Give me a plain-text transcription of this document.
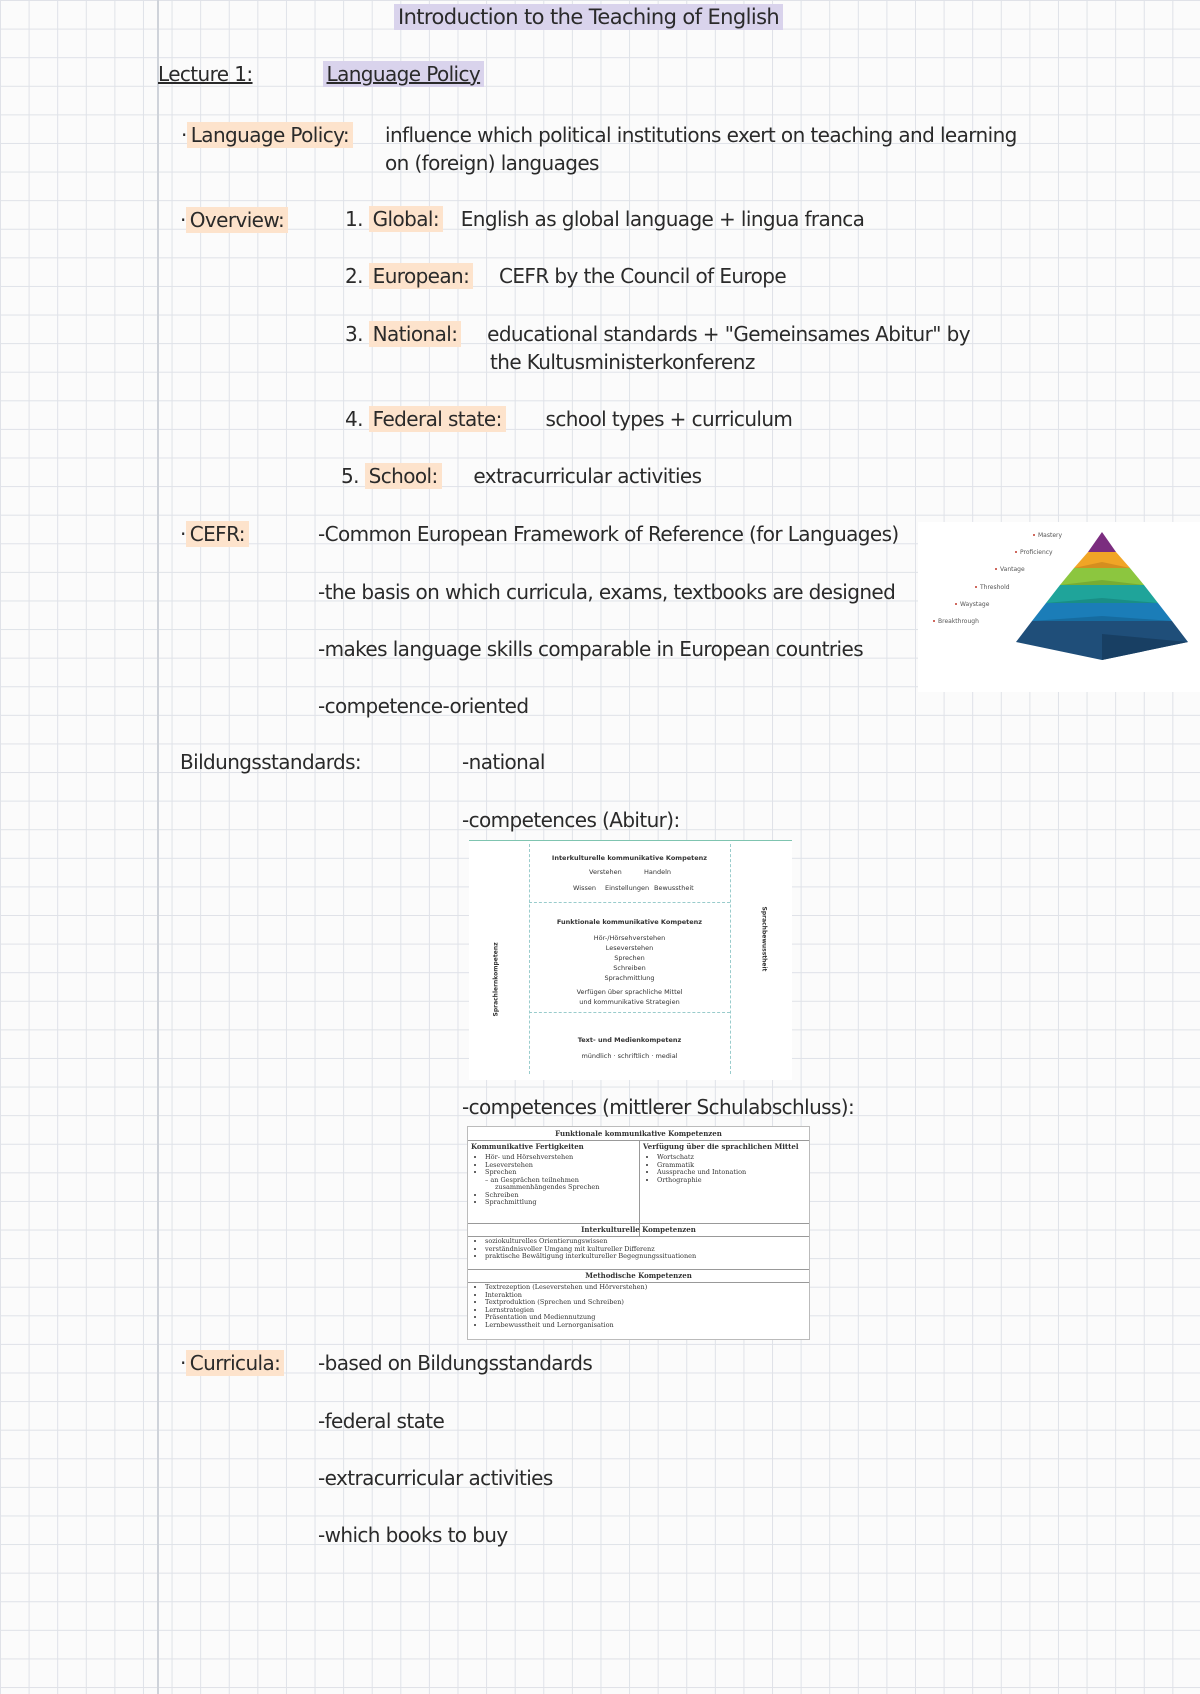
Introduction to the Teaching of English
Lecture 1:	Language Policy
· Language Policy: influence which political institutions exert on teaching and learning
on (foreign) languages
· Overview:	1. Global: English as global language + lingua franca
2. European: CEFR by the Council of Europe
3. National: educational standards + "Gemeinsames Abitur" by
the Kultusministerkonferenz
4. Federal state: school types + curriculum
5. School: extracurricular activities
· CEFR:	-Common European Framework of Reference (for Languages)
-the basis on which curricula, exams, textbooks are designed
-makes language skills comparable in European countries
-competence-oriented
Mastery
Proficiency
Vantage
Threshold
Waystage
Breakthrough
Bildungsstandards:	-national
-competences (Abitur):
Interkulturelle kommunikative Kompetenz
Verstehen	Handeln
Wissen Einstellungen Bewusstheit
Funktionale kommunikative Kompetenz
Hör-/Hörsehverstehen
Leseverstehen
Sprechen
Schreiben
Sprachmittlung
Verfügen über sprachliche Mittel
und kommunikative Strategien
Sprachlernkompetenz
Sprachbewusstheit
Text- und Medienkompetenz
mündlich · schriftlich · medial
-competences (mittlerer Schulabschluss):
Funktionale kommunikative Kompetenzen
Kommunikative Fertigkeiten	Verfügung über die sprachlichen Mittel
• Hör- und Hörsehverstehen
• Leseverstehen
• Sprechen
– an Gesprächen teilnehmen
zusammenhängendes Sprechen
• Schreiben
• Sprachmittlung
• Wortschatz
• Grammatik
• Aussprache und Intonation
• Orthographie
Interkulturelle Kompetenzen
• soziokulturelles Orientierungswissen
• verständnisvoller Umgang mit kultureller Differenz
• praktische Bewältigung interkultureller Begegnungssituationen
Methodische Kompetenzen
• Textrezeption (Leseverstehen und Hörverstehen)
• Interaktion
• Textproduktion (Sprechen und Schreiben)
• Lernstrategien
• Präsentation und Mediennutzung
• Lernbewusstheit und Lernorganisation
· Curricula: -based on Bildungsstandards
-federal state
-extracurricular activities
-which books to buy
